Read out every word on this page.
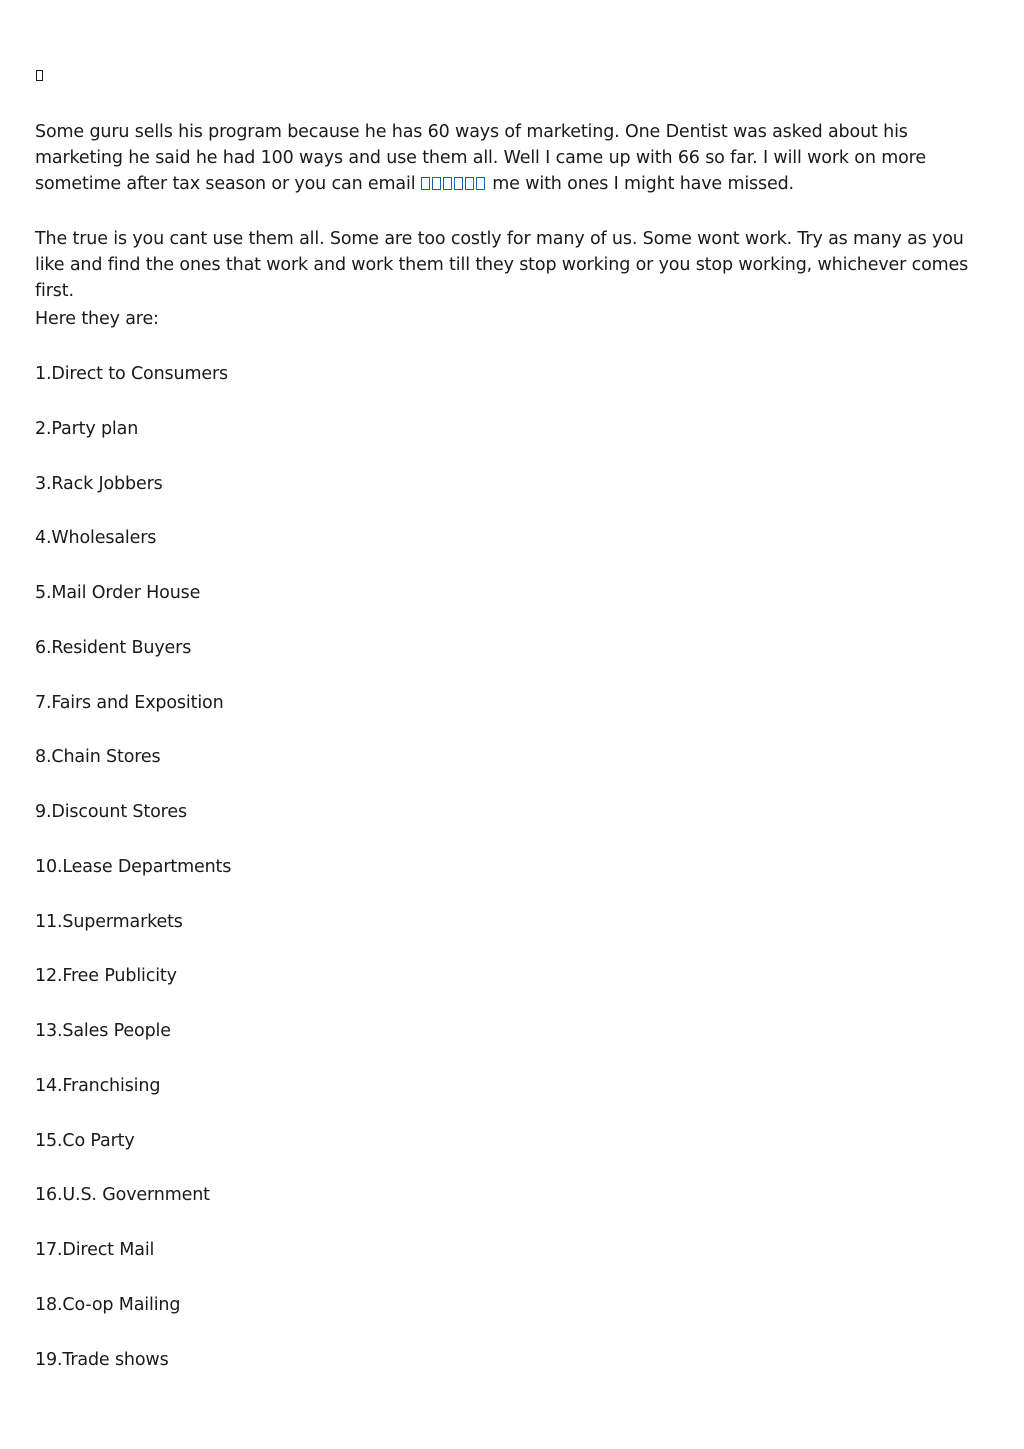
Some guru sells his program because he has 60 ways of marketing. One Dentist was asked about his marketing he said he had 100 ways and use them all. Well I came up with 66 so far. I will work on more sometime after tax season or you can email	me with ones I might have missed.

The true is you cant use them all. Some are too costly for many of us. Some wont work. Try as many as you like and find the ones that work and work them till they stop working or you stop working, whichever comes first.

Here they are:

1.Direct to Consumers
2.Party plan
3.Rack Jobbers
4.Wholesalers
5.Mail Order House
6.Resident Buyers
7.Fairs and Exposition
8.Chain Stores
9.Discount Stores
10.Lease Departments
11.Supermarkets
12.Free Publicity
13.Sales People
14.Franchising
15.Co Party
16.U.S. Government
17.Direct Mail
18.Co-op Mailing
19.Trade shows
